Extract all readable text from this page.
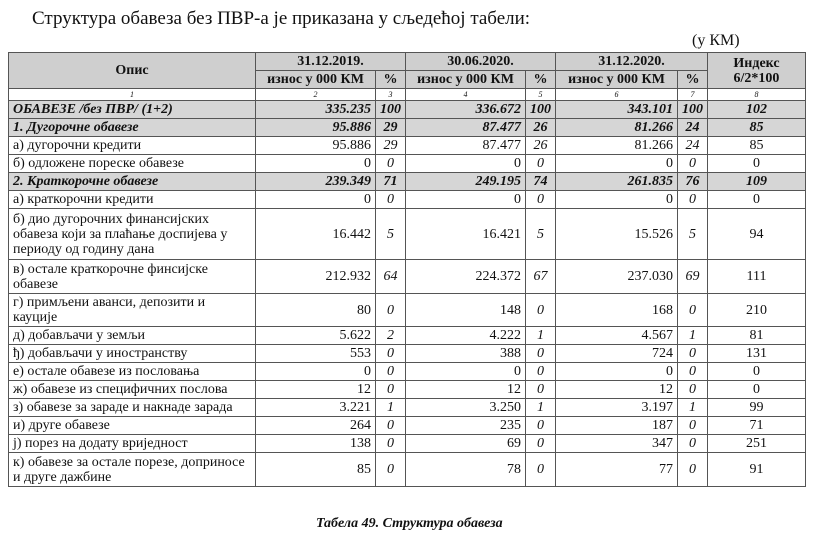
Структура обавеза без ПВР-а је приказана у сљедећој табели:
(у КМ)
Опис	31.12.2019.		30.06.2020.		31.12.2020.		Индекс
6/2*100

	износ у 000 КМ	%	износ у 000 КМ	%	износ у 000 КМ	%	
1	2	3	4	5	6	7	8
ОБАВЕЗЕ /без ПВР/ (1+2)	335.235	100	336.672	100	343.101	100	102
1. Дугорочне обавезе	95.886	29	87.477	26	81.266	24	85
а) дугорочни кредити	95.886	29	87.477	26	81.266	24	85
б) одложене пореске обавезе	0	0	0	0	0	0	0
2. Краткорочне обавезе	239.349	71	249.195	74	261.835	76	109
а) краткорочни кредити	0	0	0	0	0	0	0
б) дио дугорочних финансијских обавеза који за плаћање доспијева у периоду од годину дана	16.442	5	16.421	5	15.526	5	94
в) остале краткорочне финсијске обавезе	212.932	64	224.372	67	237.030	69	111
г) примљени аванси, депозити и кауције	80	0	148	0	168	0	210
д) добављачи у земљи	5.622	2	4.222	1	4.567	1	81
ђ) добављачи у иностранству	553	0	388	0	724	0	131
е) остале обавезе из пословања	0	0	0	0	0	0	0
ж) обавезе из специфичних послова	12	0	12	0	12	0	0
з) обавезе за зараде и накнаде зарада	3.221	1	3.250	1	3.197	1	99
и) друге обавезе	264	0	235	0	187	0	71
ј) порез на додату вриједност	138	0	69	0	347	0	251
к) обавезе за остале порезе, доприносе и друге дажбине	85	0	78	0	77	0	91
Табела 49. Структура обавеза
